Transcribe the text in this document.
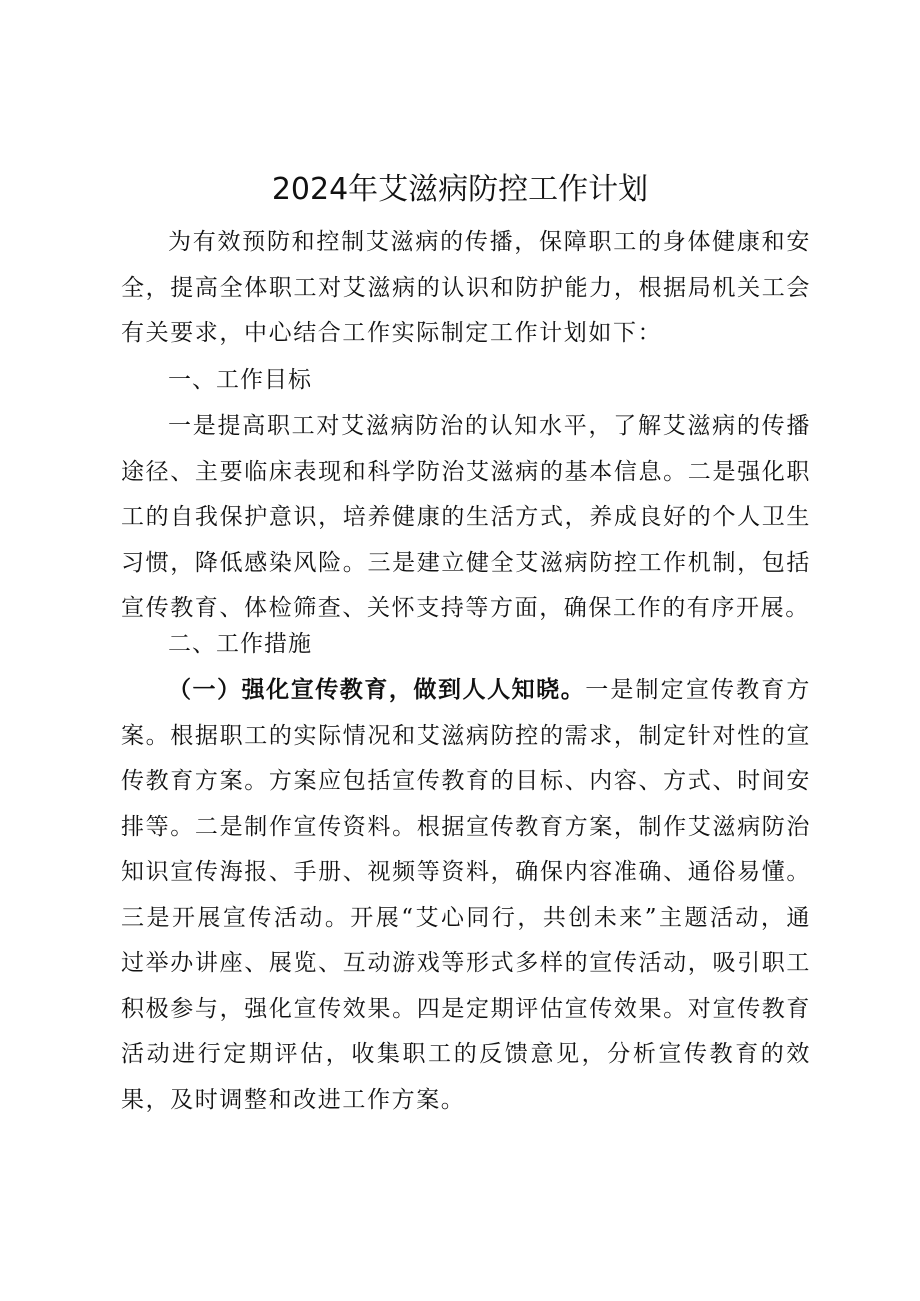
2024年艾滋病防控工作计划

为有效预防和控制艾滋病的传播，保障职工的身体健康和安全，提高全体职工对艾滋病的认识和防护能力，根据局机关工会有关要求，中心结合工作实际制定工作计划如下：

一、工作目标

一是提高职工对艾滋病防治的认知水平，了解艾滋病的传播途径、主要临床表现和科学防治艾滋病的基本信息。二是强化职工的自我保护意识，培养健康的生活方式，养成良好的个人卫生习惯，降低感染风险。三是建立健全艾滋病防控工作机制，包括宣传教育、体检筛查、关怀支持等方面，确保工作的有序开展。

二、工作措施

（一）强化宣传教育，做到人人知晓。一是制定宣传教育方案。根据职工的实际情况和艾滋病防控的需求，制定针对性的宣传教育方案。方案应包括宣传教育的目标、内容、方式、时间安排等。二是制作宣传资料。根据宣传教育方案，制作艾滋病防治知识宣传海报、手册、视频等资料，确保内容准确、通俗易懂。三是开展宣传活动。开展“艾心同行，共创未来”主题活动，通过举办讲座、展览、互动游戏等形式多样的宣传活动，吸引职工积极参与，强化宣传效果。四是定期评估宣传效果。对宣传教育活动进行定期评估，收集职工的反馈意见，分析宣传教育的效果，及时调整和改进工作方案。
